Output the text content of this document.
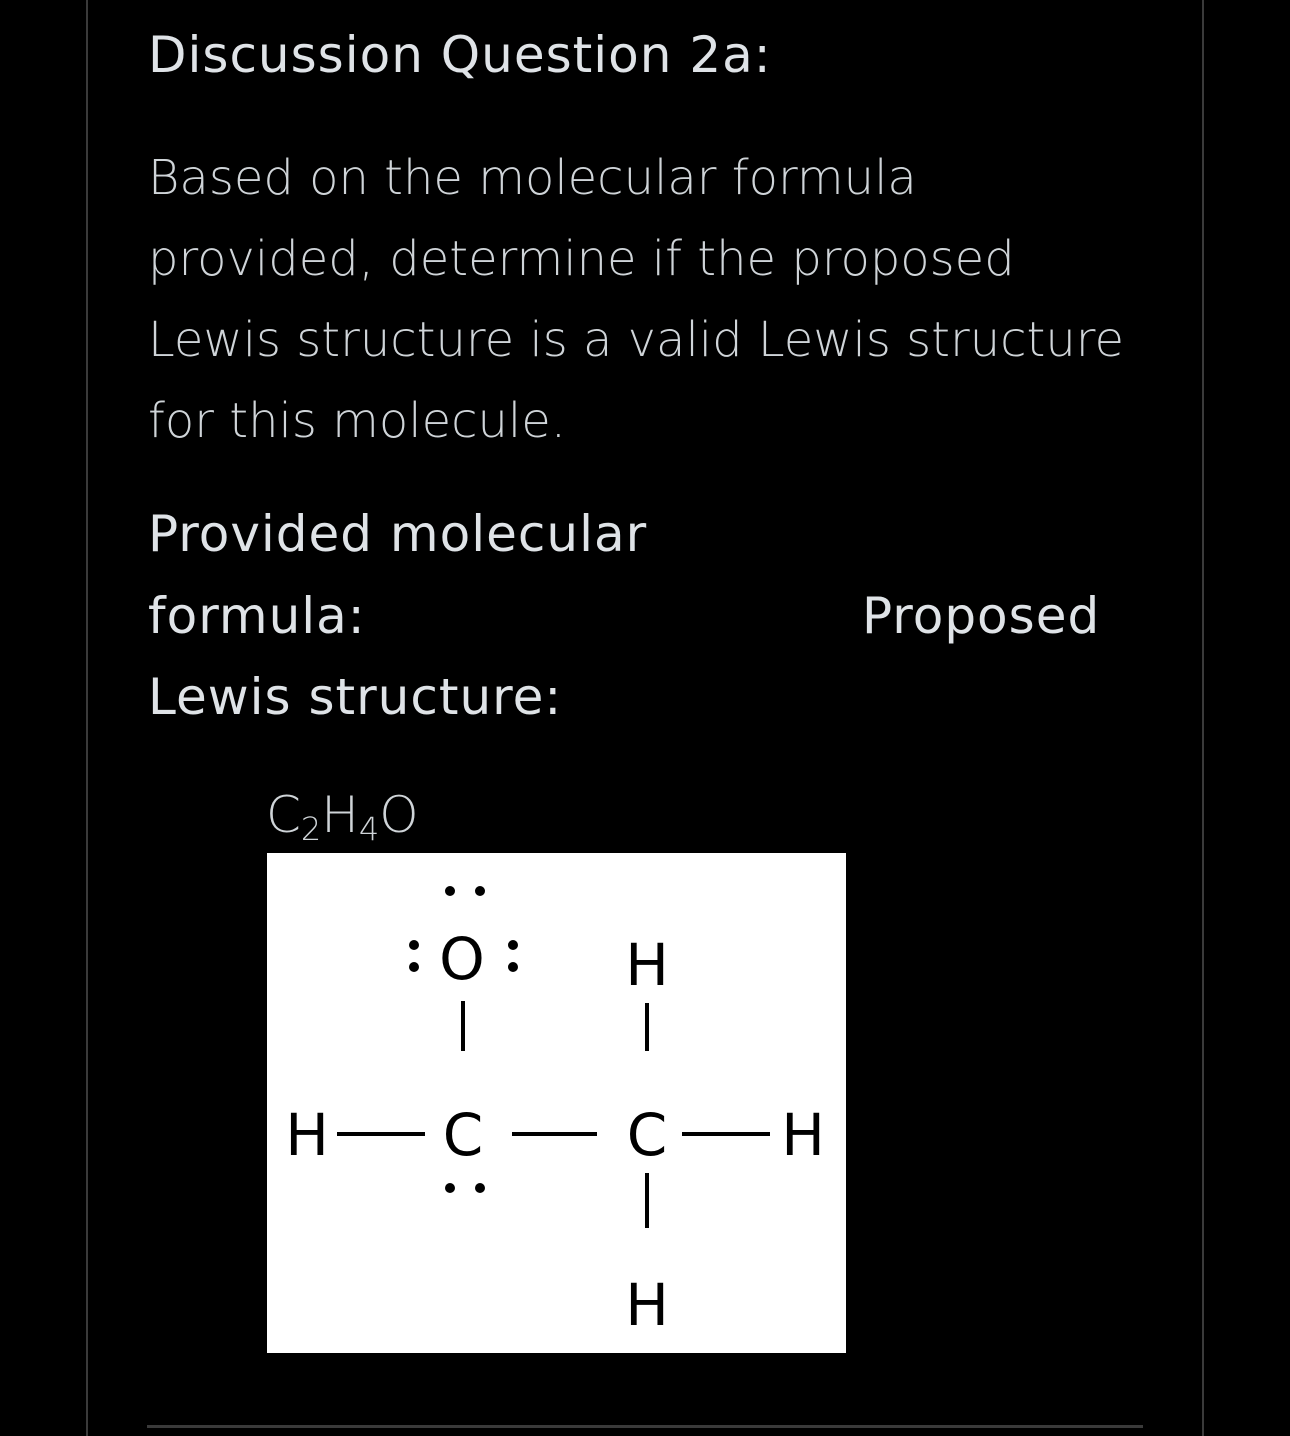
Discussion Question 2a:

Based on the molecular formula
provided, determine if the proposed
Lewis structure is a valid Lewis structure
for this molecule.

Provided molecular
formula:	Proposed
Lewis structure:
$C_2H_4O$
O H
H C C H
H
